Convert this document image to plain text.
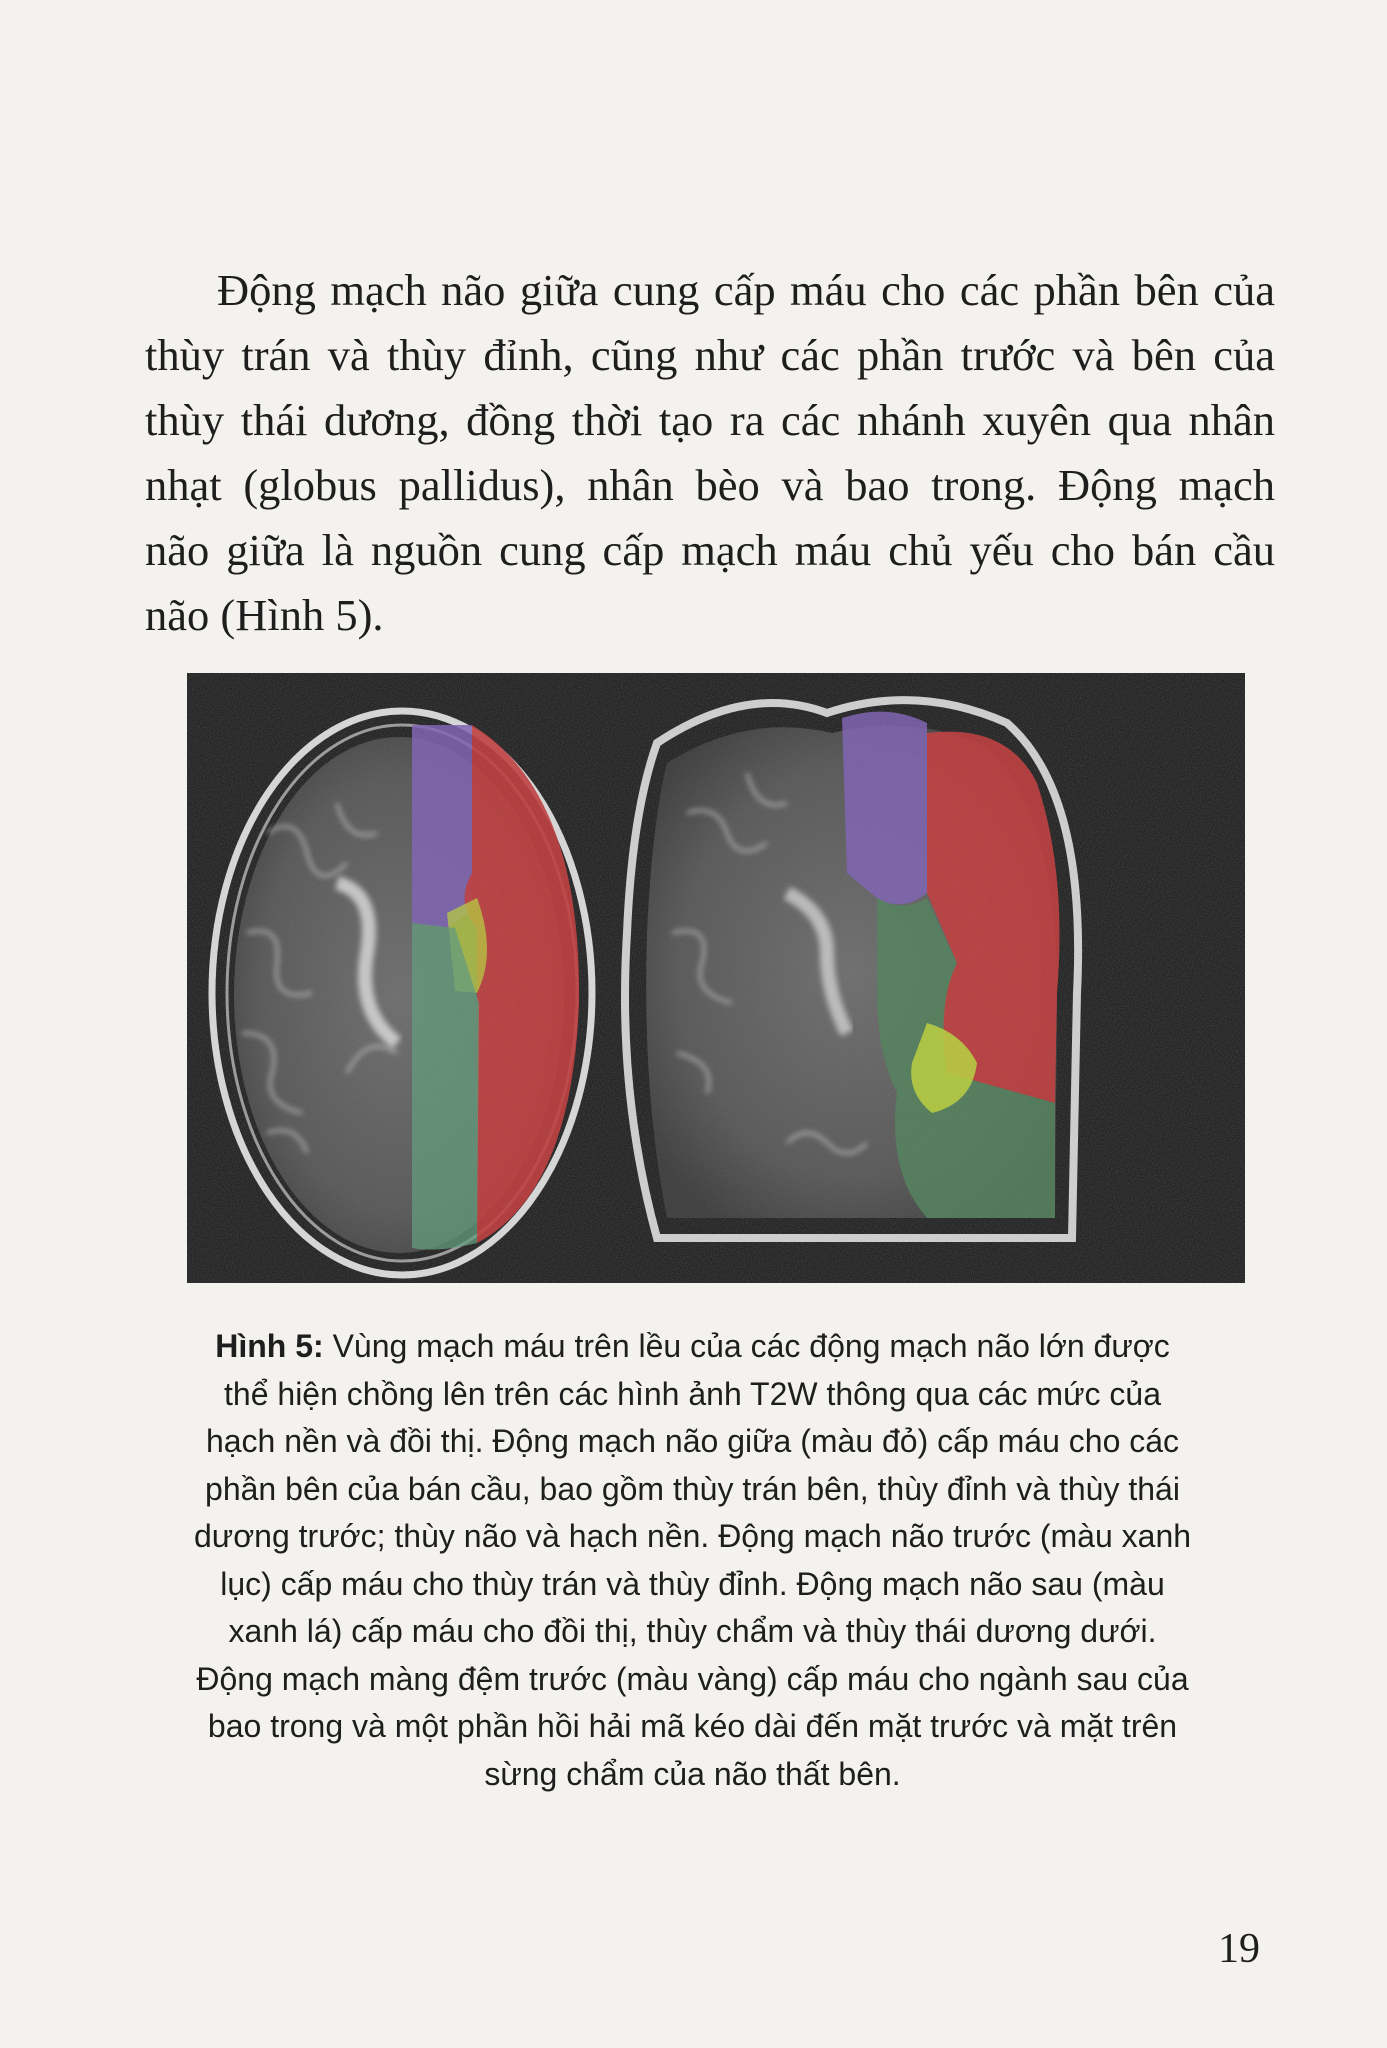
Động mạch não giữa cung cấp máu cho các phần bên của
thùy trán và thùy đỉnh, cũng như các phần trước và bên của
thùy thái dương, đồng thời tạo ra các nhánh xuyên qua nhân
nhạt (globus pallidus), nhân bèo và bao trong. Động mạch
não giữa là nguồn cung cấp mạch máu chủ yếu cho bán cầu
não (Hình 5).
Hình 5: Vùng mạch máu trên lều của các động mạch não lớn được
thể hiện chồng lên trên các hình ảnh T2W thông qua các mức của
hạch nền và đồi thị. Động mạch não giữa (màu đỏ) cấp máu cho các
phần bên của bán cầu, bao gồm thùy trán bên, thùy đỉnh và thùy thái
dương trước; thùy não và hạch nền. Động mạch não trước (màu xanh
lục) cấp máu cho thùy trán và thùy đỉnh. Động mạch não sau (màu
xanh lá) cấp máu cho đồi thị, thùy chẩm và thùy thái dương dưới.
Động mạch màng đệm trước (màu vàng) cấp máu cho ngành sau của
bao trong và một phần hồi hải mã kéo dài đến mặt trước và mặt trên
sừng chẩm của não thất bên.
19
